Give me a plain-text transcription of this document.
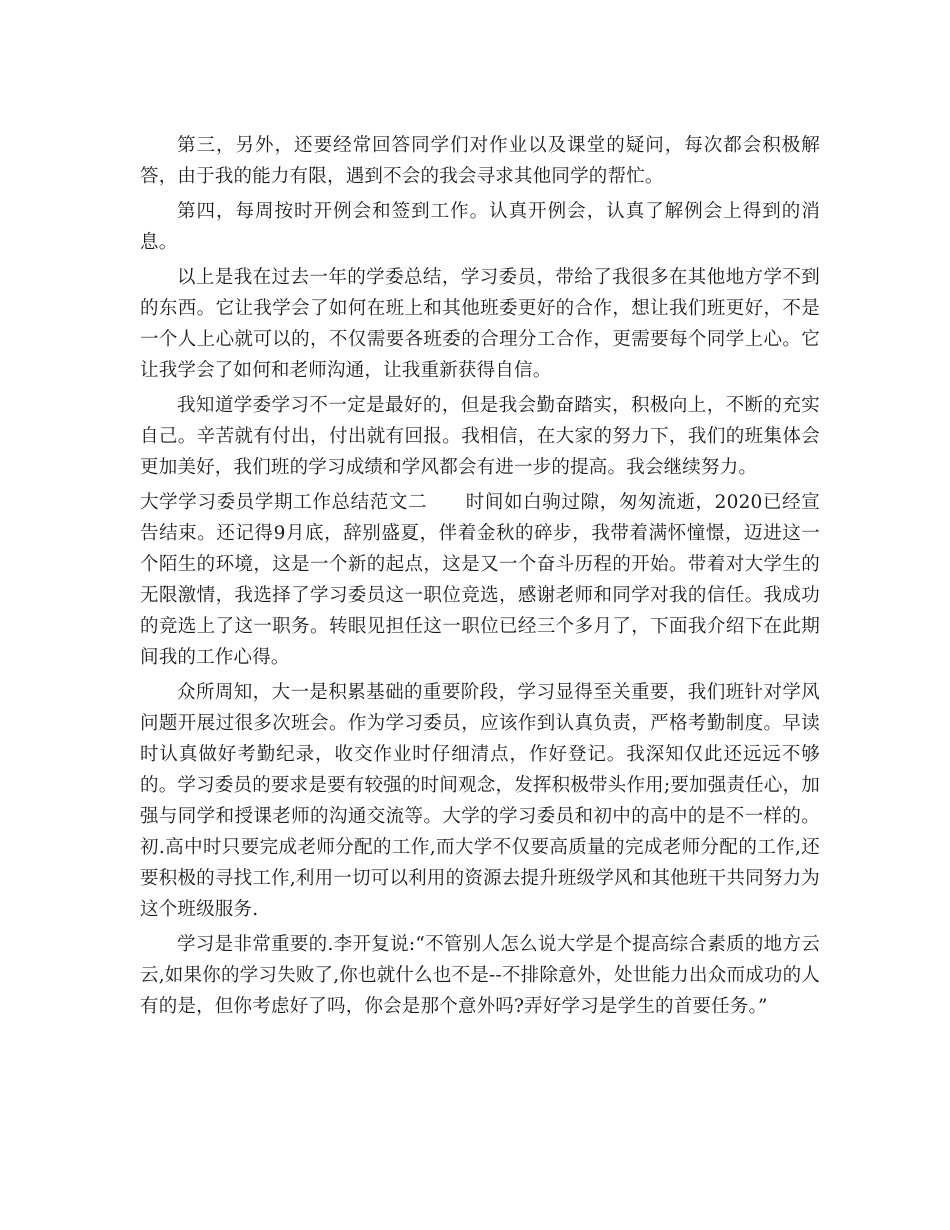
第三，另外，还要经常回答同学们对作业以及课堂的疑问，每次都会积极解答，由于我的能力有限，遇到不会的我会寻求其他同学的帮忙。

第四，每周按时开例会和签到工作。认真开例会，认真了解例会上得到的消息。

以上是我在过去一年的学委总结，学习委员，带给了我很多在其他地方学不到的东西。它让我学会了如何在班上和其他班委更好的合作，想让我们班更好，不是一个人上心就可以的，不仅需要各班委的合理分工合作，更需要每个同学上心。它让我学会了如何和老师沟通，让我重新获得自信。

我知道学委学习不一定是最好的，但是我会勤奋踏实，积极向上，不断的充实自己。辛苦就有付出，付出就有回报。我相信，在大家的努力下，我们的班集体会更加美好，我们班的学习成绩和学风都会有进一步的提高。我会继续努力。

大学学习委员学期工作总结范文二 时间如白驹过隙，匆匆流逝，2020已经宣告结束。还记得9月底，辞别盛夏，伴着金秋的碎步，我带着满怀憧憬，迈进这一个陌生的环境，这是一个新的起点，这是又一个奋斗历程的开始。带着对大学生的无限激情，我选择了学习委员这一职位竞选，感谢老师和同学对我的信任。我成功的竞选上了这一职务。转眼见担任这一职位已经三个多月了，下面我介绍下在此期间我的工作心得。

众所周知，大一是积累基础的重要阶段，学习显得至关重要，我们班针对学风问题开展过很多次班会。作为学习委员，应该作到认真负责，严格考勤制度。早读时认真做好考勤纪录，收交作业时仔细清点，作好登记。我深知仅此还远远不够的。学习委员的要求是要有较强的时间观念，发挥积极带头作用;要加强责任心，加强与同学和授课老师的沟通交流等。大学的学习委员和初中的高中的是不一样的。初.高中时只要完成老师分配的工作,而大学不仅要高质量的完成老师分配的工作,还要积极的寻找工作,利用一切可以利用的资源去提升班级学风和其他班干共同努力为这个班级服务.

学习是非常重要的.李开复说:“不管别人怎么说大学是个提高综合素质的地方云云,如果你的学习失败了,你也就什么也不是--不排除意外，处世能力出众而成功的人有的是，但你考虑好了吗，你会是那个意外吗?弄好学习是学生的首要任务。”
